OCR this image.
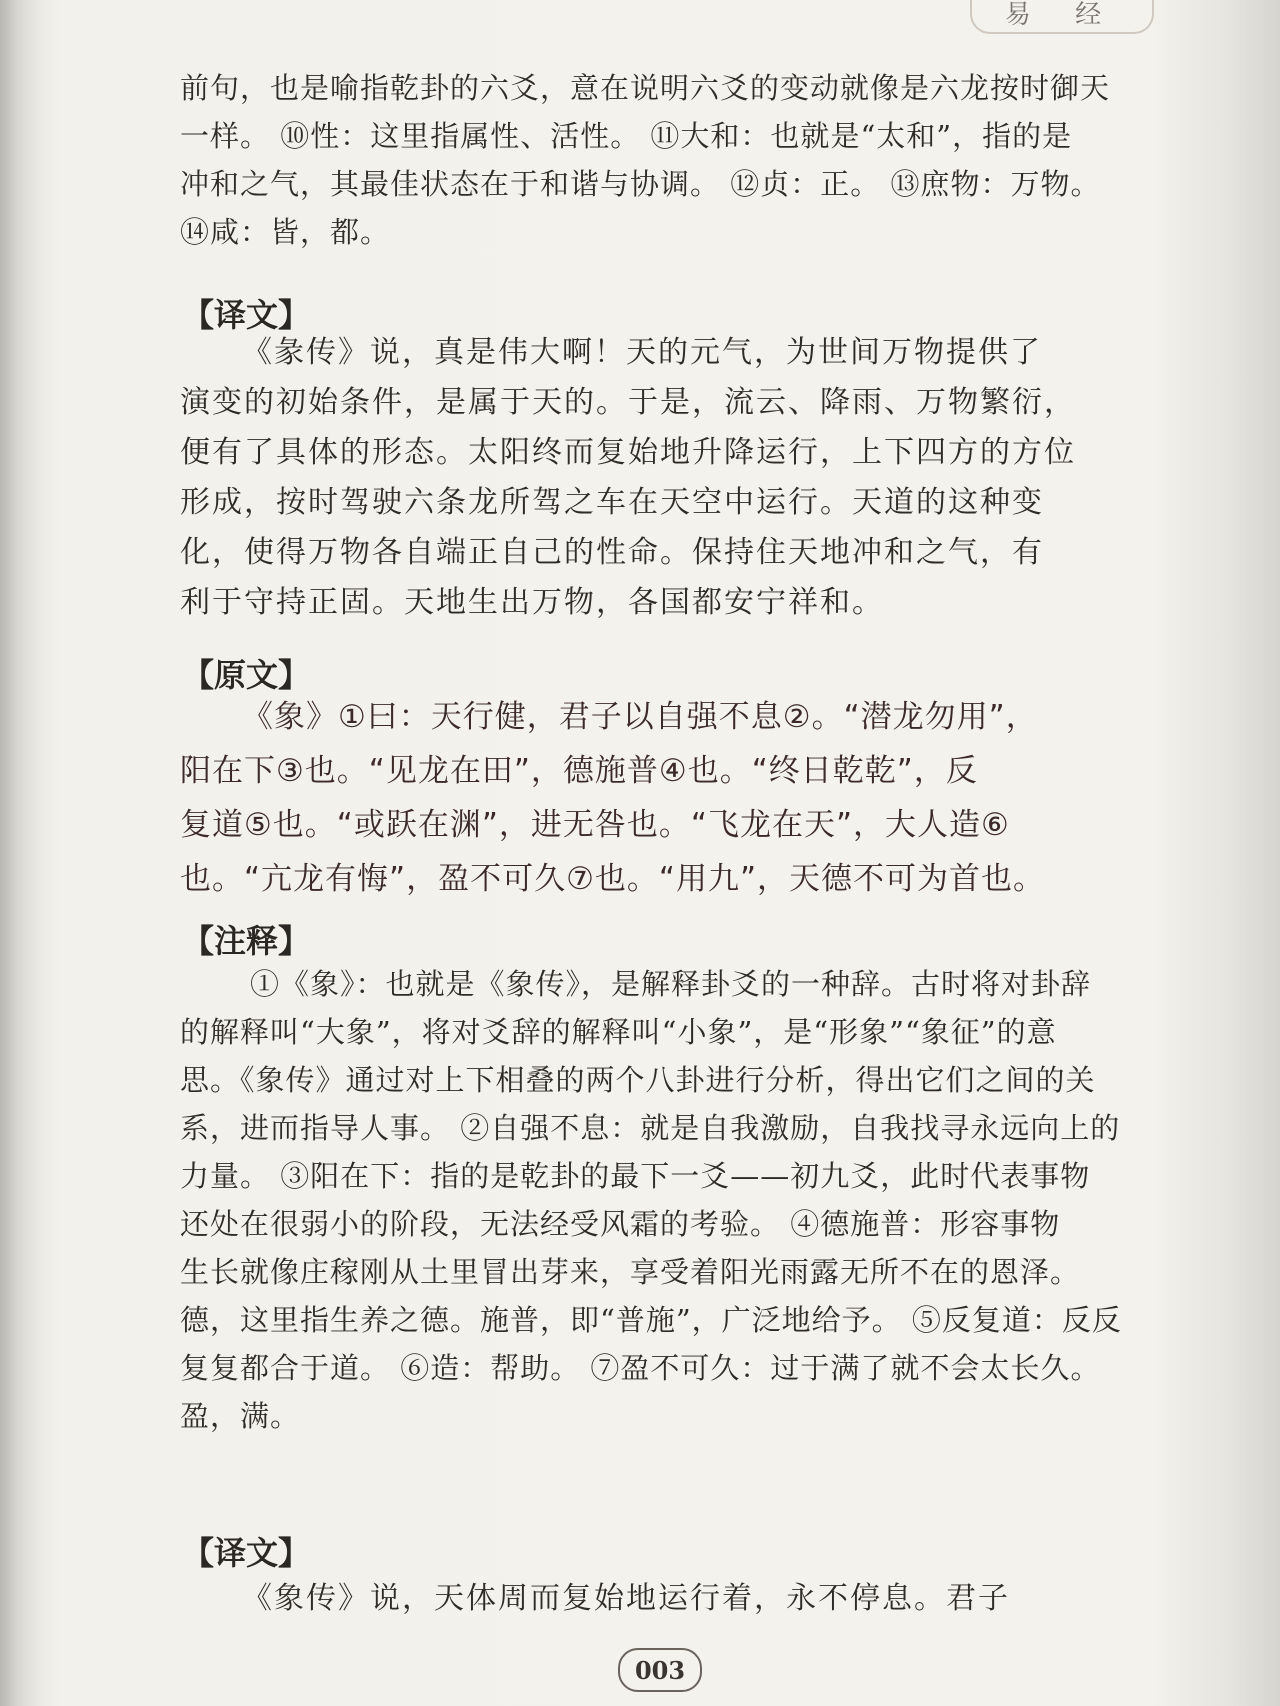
易 经
前句，也是喻指乾卦的六爻，意在说明六爻的变动就像是六龙按时御天
一样。 ⑩性：这里指属性、活性。 ⑪大和：也就是“太和”，指的是
冲和之气，其最佳状态在于和谐与协调。 ⑫贞：正。 ⑬庶物：万物。
⑭咸：皆，都。
【译文】
《彖传》说，真是伟大啊！天的元气，为世间万物提供了
演变的初始条件，是属于天的。于是，流云、降雨、万物繁衍，
便有了具体的形态。太阳终而复始地升降运行，上下四方的方位
形成，按时驾驶六条龙所驾之车在天空中运行。天道的这种变
化，使得万物各自端正自己的性命。保持住天地冲和之气，有
利于守持正固。天地生出万物，各国都安宁祥和。
【原文】
《象》①曰：天行健，君子以自强不息②。“潜龙勿用”，
阳在下③也。“见龙在田”，德施普④也。“终日乾乾”，反
复道⑤也。“或跃在渊”，进无咎也。“飞龙在天”，大人造⑥
也。“亢龙有悔”，盈不可久⑦也。“用九”，天德不可为首也。
【注释】
①《象》：也就是《象传》，是解释卦爻的一种辞。古时将对卦辞
的解释叫“大象”，将对爻辞的解释叫“小象”，是“形象”“象征”的意
思。《象传》通过对上下相叠的两个八卦进行分析，得出它们之间的关
系，进而指导人事。 ②自强不息：就是自我激励，自我找寻永远向上的
力量。 ③阳在下：指的是乾卦的最下一爻——初九爻，此时代表事物
还处在很弱小的阶段，无法经受风霜的考验。 ④德施普：形容事物
生长就像庄稼刚从土里冒出芽来，享受着阳光雨露无所不在的恩泽。
德，这里指生养之德。施普，即“普施”，广泛地给予。 ⑤反复道：反反
复复都合于道。 ⑥造：帮助。 ⑦盈不可久：过于满了就不会太长久。
盈，满。
【译文】
《象传》说，天体周而复始地运行着，永不停息。君子
003
